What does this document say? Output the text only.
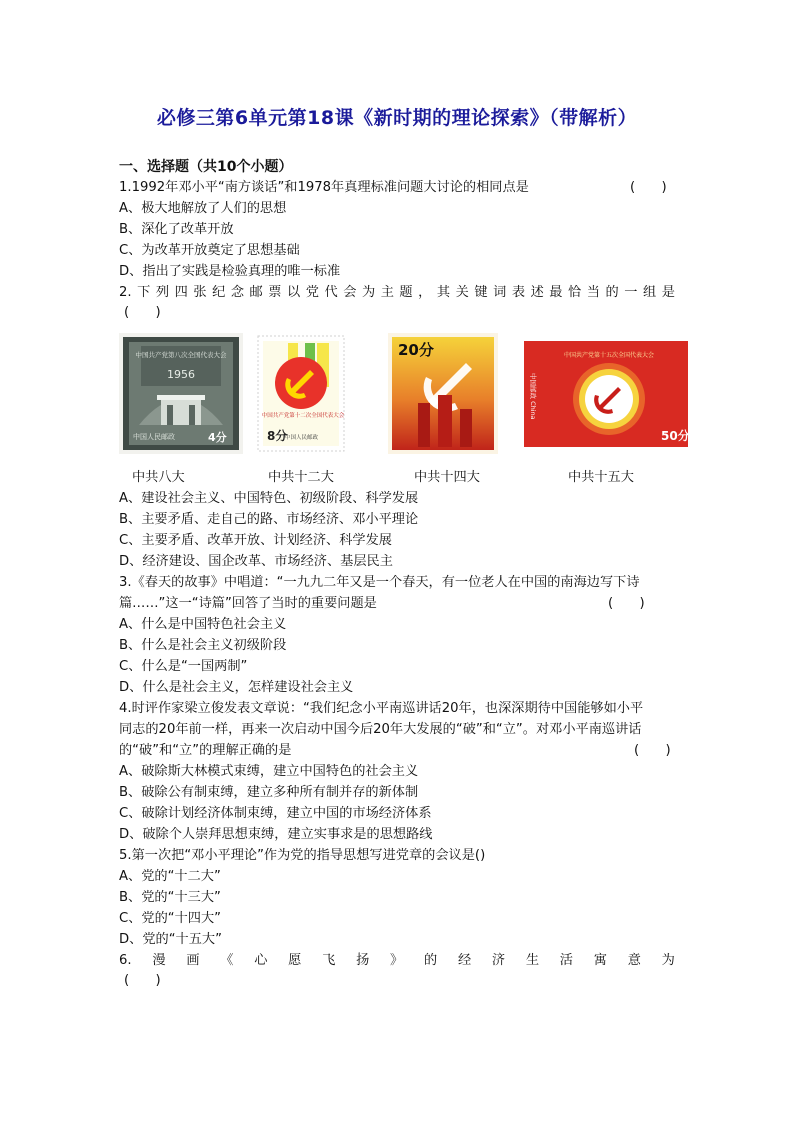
必修三第6单元第18课《新时期的理论探索》（带解析）
一、选择题（共10个小题）
1.1992年邓小平“南方谈话”和1978年真理标准问题大讨论的相同点是	(　　)
A、极大地解放了人们的思想
B、深化了改革开放
C、为改革开放奠定了思想基础
D、指出了实践是检验真理的唯一标准
2. 下 列 四 张 纪 念 邮 票 以 党 代 会 为 主 题 ， 其 关 键 词 表 述 最 恰 当 的 一 组 是
(　　)
中国共产党第八次全国代表大会
1956
中国人民邮政	4分
中国共产党第十二次全国代表大会
8分
中国人民邮政
20分	中国共产党第十五次全国代表大会
中国邮政 China
50分
中共八大	中共十二大	中共十四大	中共十五大
A、建设社会主义、中国特色、初级阶段、科学发展
B、主要矛盾、走自己的路、市场经济、邓小平理论
C、主要矛盾、改革开放、计划经济、科学发展
D、经济建设、国企改革、市场经济、基层民主
3.《春天的故事》中唱道：“一九九二年又是一个春天，有一位老人在中国的南海边写下诗
篇……”这一“诗篇”回答了当时的重要问题是	(　　)
A、什么是中国特色社会主义
B、什么是社会主义初级阶段
C、什么是“一国两制”
D、什么是社会主义，怎样建设社会主义
4.时评作家梁立俊发表文章说：“我们纪念小平南巡讲话20年，也深深期待中国能够如小平
同志的20年前一样，再来一次启动中国今后20年大发展的“破”和“立”。对邓小平南巡讲话
的“破”和“立”的理解正确的是	(　　)
A、破除斯大林模式束缚，建立中国特色的社会主义
B、破除公有制束缚，建立多种所有制并存的新体制
C、破除计划经济体制束缚，建立中国的市场经济体系
D、破除个人崇拜思想束缚，建立实事求是的思想路线
5.第一次把“邓小平理论”作为党的指导思想写进党章的会议是()
A、党的“十二大”
B、党的“十三大”
C、党的“十四大”
D、党的“十五大”
6. 漫 画 《 心 愿 飞 扬 》 的 经 济 生 活 寓 意 为
(　　)
